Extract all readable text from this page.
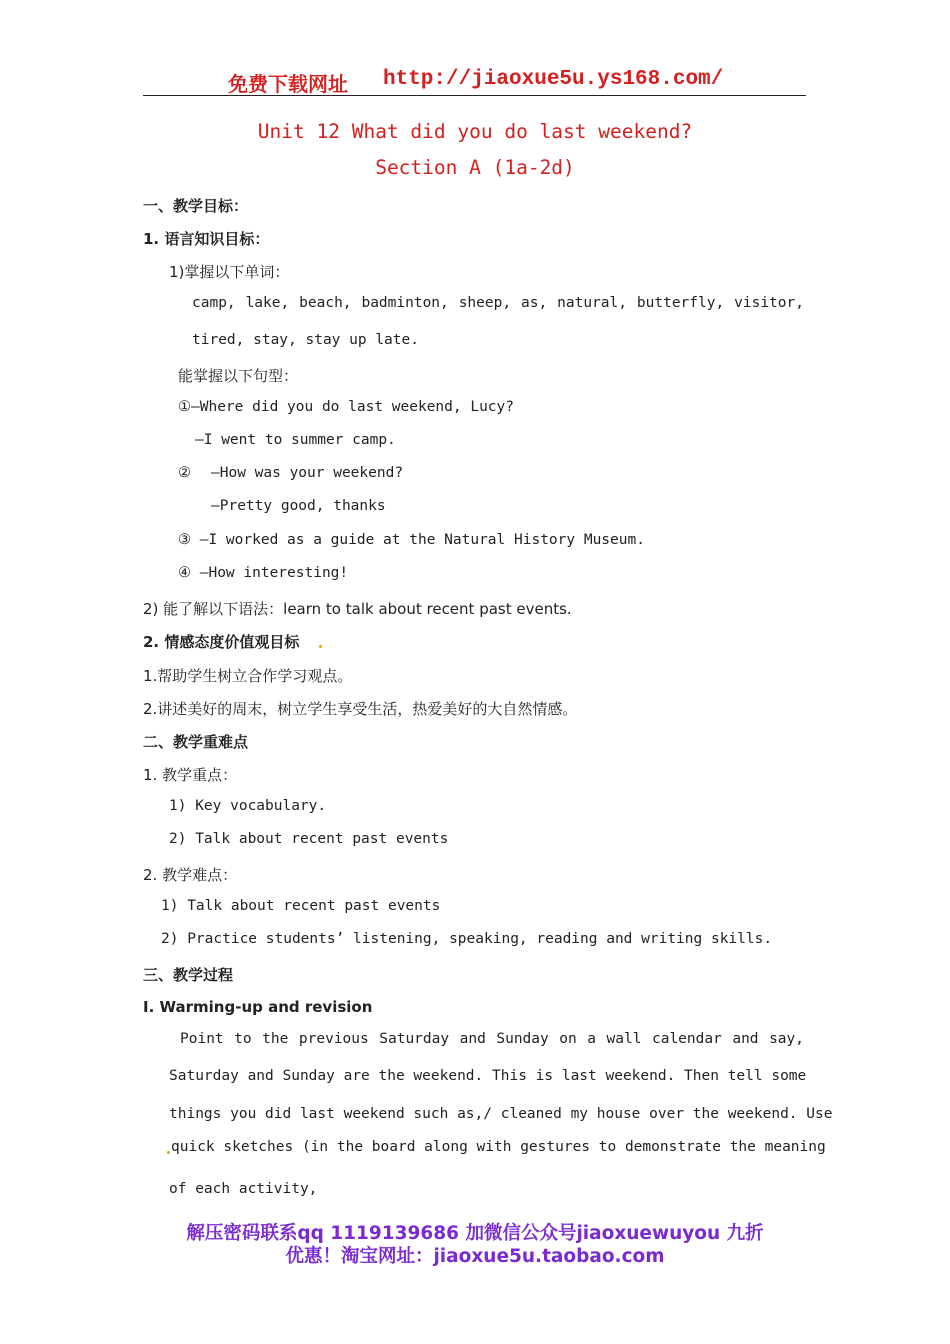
免费下载网址 http://jiaoxue5u.ys168.com/
Unit 12 What did you do last weekend?
Section A (1a-2d)
一、教学目标：
1. 语言知识目标：
1)掌握以下单词：
camp, lake, beach, badminton, sheep, as, natural, butterfly, visitor,
tired, stay, stay up late.
能掌握以下句型：
①—Where did you do last weekend, Lucy?
—I went to summer camp.
② —How was your weekend?
—Pretty good, thanks
③ —I worked as a guide at the Natural History Museum.
④ —How interesting!
2) 能了解以下语法：learn to talk about recent past events.
2. 情感态度价值观目标
1.帮助学生树立合作学习观点。
2.讲述美好的周末，树立学生享受生活，热爱美好的大自然情感。
二、教学重难点
1. 教学重点：
1) Key vocabulary.
2) Talk about recent past events
2. 教学难点：
1) Talk about recent past events
2) Practice students’ listening, speaking, reading and writing skills.
三、教学过程
Ⅰ. Warming-up and revision
Point to the previous Saturday and Sunday on a wall calendar and say,
Saturday and Sunday are the weekend. This is last weekend. Then tell some
things you did last weekend such as,/ cleaned my house over the weekend. Use
quick sketches (in the board along with gestures to demonstrate the meaning
of each activity,
解压密码联系qq 1119139686 加微信公众号jiaoxuewuyou 九折
优惠！淘宝网址：jiaoxue5u.taobao.com
